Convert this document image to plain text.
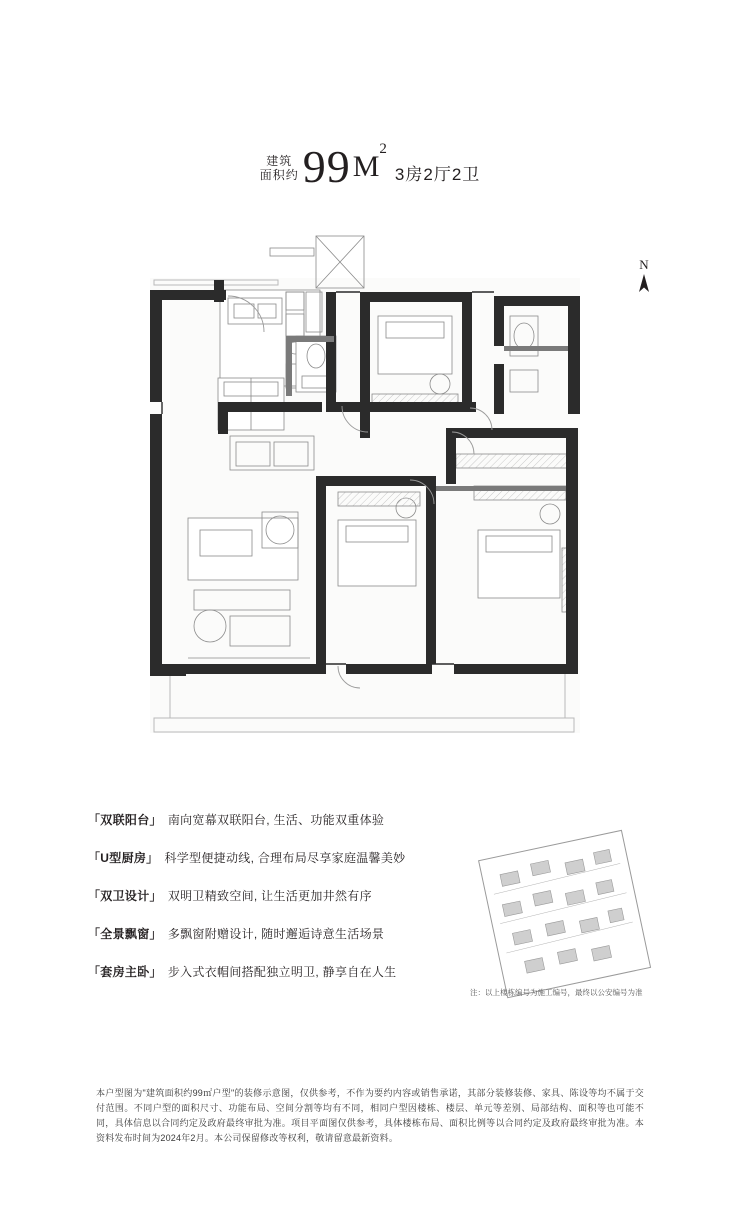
建筑
面积约 99 $M^2$
3房2厅2卫
N
「双联阳台」 南向宽幕双联阳台, 生活、功能双重体验
「U型厨房」 科学型便捷动线, 合理布局尽享家庭温馨美妙
「双卫设计」 双明卫精致空间, 让生活更加井然有序
「全景飘窗」 多飘窗附赠设计, 随时邂逅诗意生活场景
「套房主卧」 步入式衣帽间搭配独立明卫, 静享自在人生
注：以上楼栋编号为施工编号，最终以公安编号为准
本户型图为"建筑面积约99㎡户型"的装修示意图，仅供参考，不作为要约内容或销售承诺，其部分装修装修、家具、陈设等均不属于交付范围。不同户型的面积尺寸、功能布局、空间分割等均有不同，相同户型因楼栋、楼层、单元等差别、局部结构、面积等也可能不同，具体信息以合同约定及政府最终审批为准。项目平面图仅供参考，具体楼栋布局、面积比例等以合同约定及政府最终审批为准。本资料发布时间为2024年2月。本公司保留修改等权利，敬请留意最新资料。
